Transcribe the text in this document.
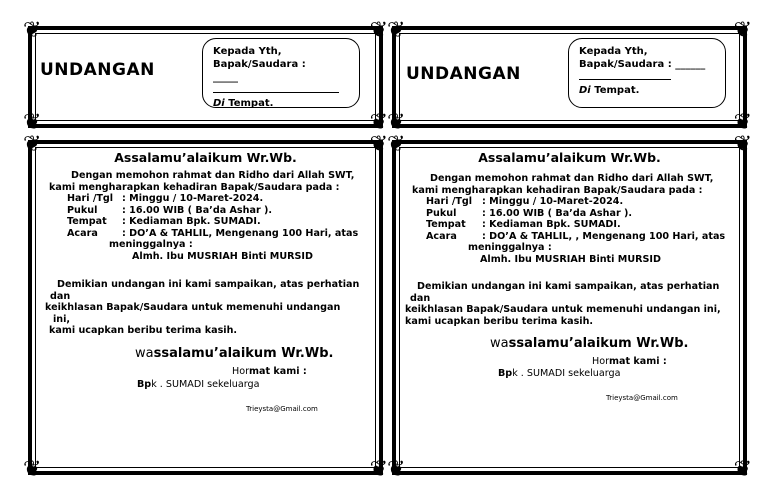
❦	❦
❦	❦
UNDANGAN
Kepada Yth,
Bapak/Saudara :
_____
Di Tempat.
❦	❦
❦	❦
Assalamu’alaikum Wr.Wb.
Dengan memohon rahmat dan Ridho dari Allah SWT,
kami mengharapkan kehadiran Bapak/Saudara pada :
Hari /Tgl : Minggu / 10-Maret-2024.
Pukul	: 16.00 WIB ( Ba’da Ashar ).
Tempat : Kediaman Bpk. SUMADI.
Acara	: DO’A & TAHLIL, Mengenang 100 Hari, atas
meninggalnya :
Almh. Ibu MUSRIAH Binti MURSID
Demikian undangan ini kami sampaikan, atas perhatian
dan
keikhlasan Bapak/Saudara untuk memenuhi undangan
ini,
kami ucapkan beribu terima kasih.
wassalamu’alaikum Wr.Wb.
Hormat kami :
Bpk . SUMADI sekeluarga
Trieysta@Gmail.com
❦	❦
❦	❦
UNDANGAN
Kepada Yth,
Bapak/Saudara : ______
Di Tempat.
❦	❦
❦	❦
Assalamu’alaikum Wr.Wb.
Dengan memohon rahmat dan Ridho dari Allah SWT,
kami mengharapkan kehadiran Bapak/Saudara pada :
Hari /Tgl : Minggu / 10-Maret-2024.
Pukul	: 16.00 WIB ( Ba’da Ashar ).
Tempat : Kediaman Bpk. SUMADI.
Acara	: DO’A & TAHLIL, , Mengenang 100 Hari, atas
meninggalnya :
Almh. Ibu MUSRIAH Binti MURSID
Demikian undangan ini kami sampaikan, atas perhatian
dan
keikhlasan Bapak/Saudara untuk memenuhi undangan ini,
kami ucapkan beribu terima kasih.
wassalamu’alaikum Wr.Wb.
Hormat kami :
Bpk . SUMADI sekeluarga
Trieysta@Gmail.com
